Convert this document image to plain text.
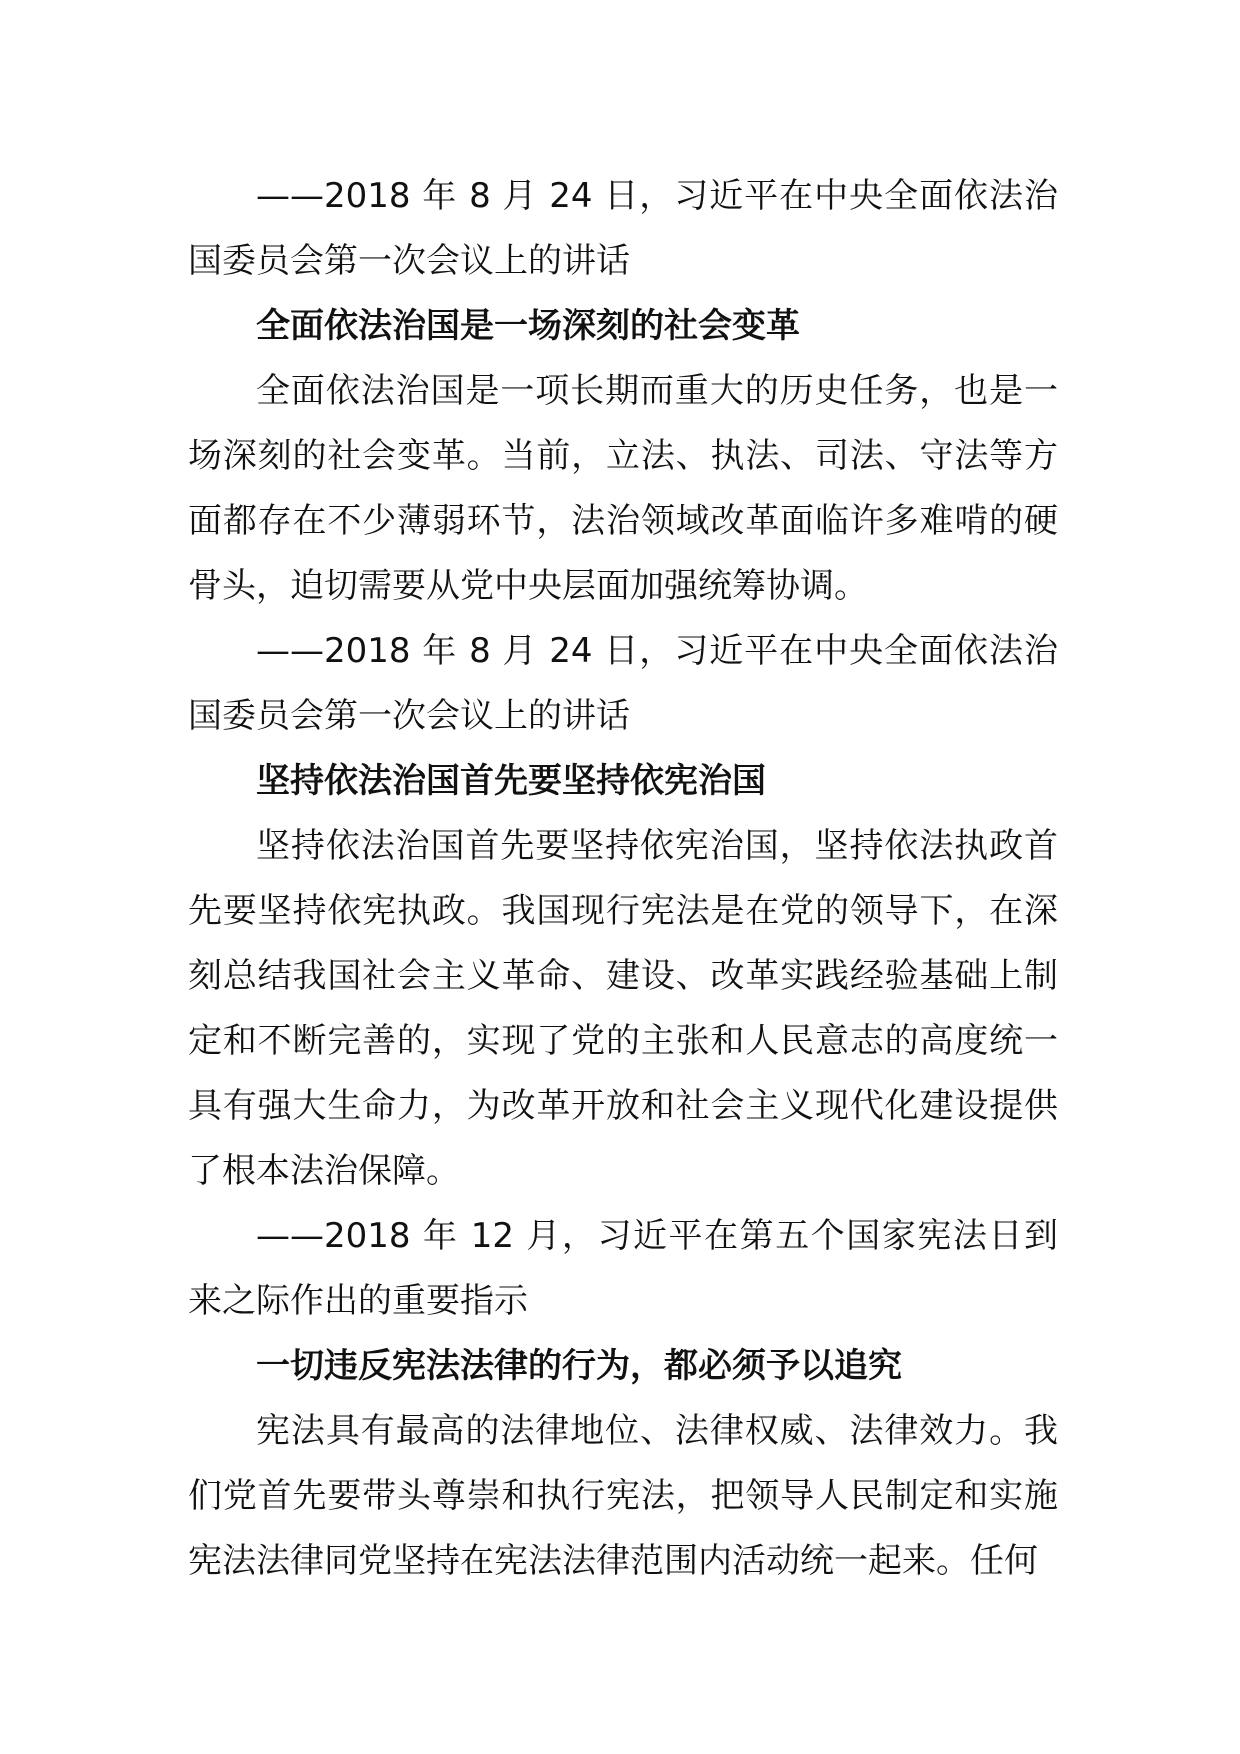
——2018 年 8 月 24 日，习近平在中央全面依法治国委员会第一次会议上的讲话

全面依法治国是一场深刻的社会变革

全面依法治国是一项长期而重大的历史任务，也是一场深刻的社会变革。当前，立法、执法、司法、守法等方面都存在不少薄弱环节，法治领域改革面临许多难啃的硬骨头，迫切需要从党中央层面加强统筹协调。

——2018 年 8 月 24 日，习近平在中央全面依法治国委员会第一次会议上的讲话

坚持依法治国首先要坚持依宪治国

坚持依法治国首先要坚持依宪治国，坚持依法执政首先要坚持依宪执政。我国现行宪法是在党的领导下，在深刻总结我国社会主义革命、建设、改革实践经验基础上制定和不断完善的，实现了党的主张和人民意志的高度统一具有强大生命力，为改革开放和社会主义现代化建设提供了根本法治保障。

——2018 年 12 月，习近平在第五个国家宪法日到来之际作出的重要指示

一切违反宪法法律的行为，都必须予以追究

宪法具有最高的法律地位、法律权威、法律效力。我们党首先要带头尊崇和执行宪法，把领导人民制定和实施宪法法律同党坚持在宪法法律范围内活动统一起来。任何
